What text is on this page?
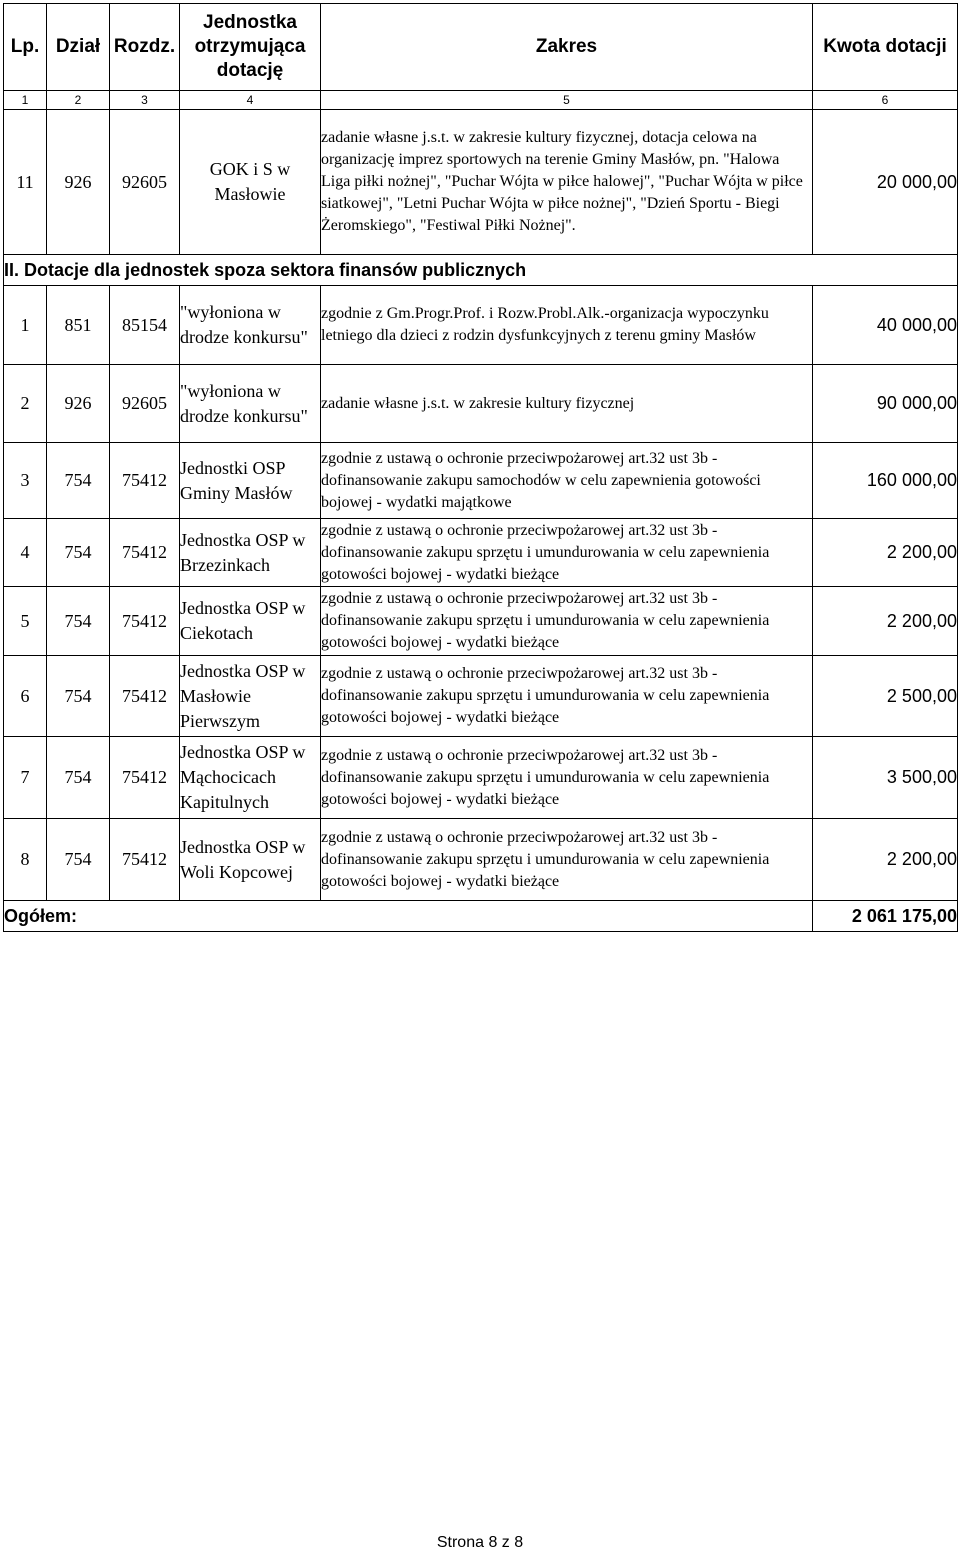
Lp.	Dział	Rozdz.	Jednostka otrzymująca dotację	Zakres	Kwota dotacji
1	2	3	4	5	6
11	926	92605	GOK i S w Masłowie	zadanie własne j.s.t. w zakresie kultury fizycznej, dotacja celowa na organizację imprez sportowych na terenie Gminy Masłów, pn. "Halowa Liga piłki nożnej", "Puchar Wójta w piłce halowej", "Puchar Wójta w piłce siatkowej", "Letni Puchar Wójta w piłce nożnej", "Dzień Sportu - Biegi Żeromskiego", "Festiwal Piłki Nożnej".	20 000,00
II. Dotacje dla jednostek spoza sektora finansów publicznych					
1	851	85154	"wyłoniona w drodze konkursu"	zgodnie z Gm.Progr.Prof. i Rozw.Probl.Alk.-organizacja wypoczynku letniego dla dzieci z rodzin dysfunkcyjnych z terenu gminy Masłów	40 000,00
2	926	92605	"wyłoniona w drodze konkursu"	zadanie własne j.s.t. w zakresie kultury fizycznej	90 000,00
3	754	75412	Jednostki OSP Gminy Masłów	zgodnie z ustawą o ochronie przeciwpożarowej art.32 ust 3b - dofinansowanie zakupu samochodów w celu zapewnienia gotowości bojowej - wydatki majątkowe	160 000,00
4	754	75412	Jednostka OSP w Brzezinkach	zgodnie z ustawą o ochronie przeciwpożarowej art.32 ust 3b - dofinansowanie zakupu sprzętu i umundurowania w celu zapewnienia gotowości bojowej - wydatki bieżące	2 200,00
5	754	75412	Jednostka OSP w Ciekotach	zgodnie z ustawą o ochronie przeciwpożarowej art.32 ust 3b - dofinansowanie zakupu sprzętu i umundurowania w celu zapewnienia gotowości bojowej - wydatki bieżące	2 200,00
6	754	75412	Jednostka OSP w Masłowie Pierwszym	zgodnie z ustawą o ochronie przeciwpożarowej art.32 ust 3b - dofinansowanie zakupu sprzętu i umundurowania w celu zapewnienia gotowości bojowej - wydatki bieżące	2 500,00
7	754	75412	Jednostka OSP w Mąchocicach Kapitulnych	zgodnie z ustawą o ochronie przeciwpożarowej art.32 ust 3b - dofinansowanie zakupu sprzętu i umundurowania w celu zapewnienia gotowości bojowej - wydatki bieżące	3 500,00
8	754	75412	Jednostka OSP w Woli Kopcowej	zgodnie z ustawą o ochronie przeciwpożarowej art.32 ust 3b - dofinansowanie zakupu sprzętu i umundurowania w celu zapewnienia gotowości bojowej - wydatki bieżące	2 200,00
Ogółem:					2 061 175,00
Strona 8 z 8
